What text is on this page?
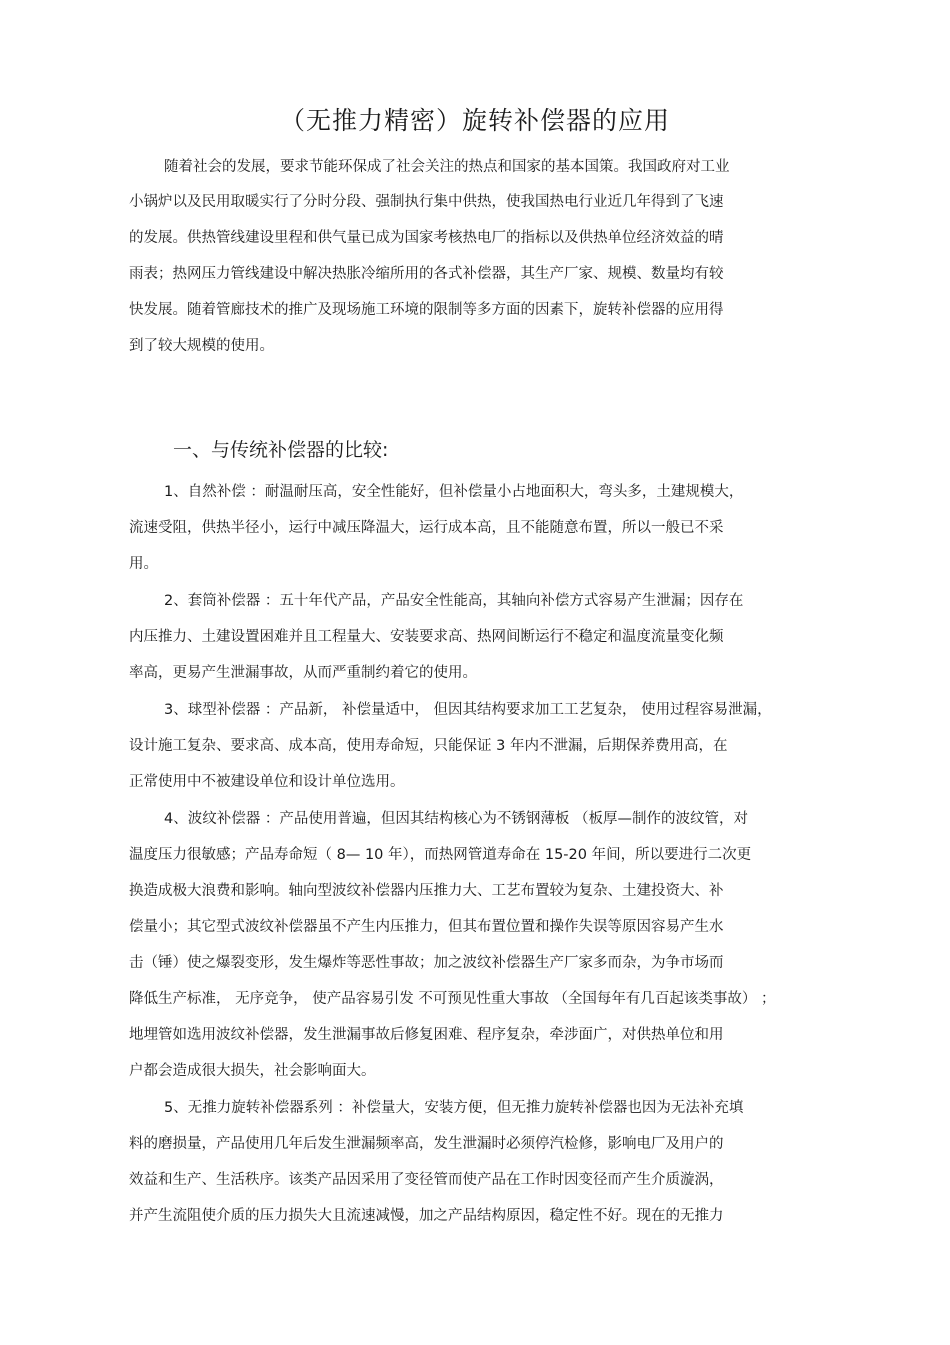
（无推力精密）旋转补偿器的应用
随着社会的发展，要求节能环保成了社会关注的热点和国家的基本国策。我国政府对工业
小锅炉以及民用取暖实行了分时分段、强制执行集中供热，使我国热电行业近几年得到了飞速
的发展。供热管线建设里程和供气量已成为国家考核热电厂的指标以及供热单位经济效益的晴
雨表；热网压力管线建设中解决热胀冷缩所用的各式补偿器，其生产厂家、规模、数量均有较
快发展。随着管廊技术的推广及现场施工环境的限制等多方面的因素下，旋转补偿器的应用得
到了较大规模的使用。
一、与传统补偿器的比较:
1、自然补偿 ：耐温耐压高，安全性能好，但补偿量小占地面积大，弯头多，土建规模大，
流速受阻，供热半径小，运行中减压降温大，运行成本高，且不能随意布置，所以一般已不采
用。
2、套筒补偿器 ：五十年代产品，产品安全性能高，其轴向补偿方式容易产生泄漏；因存在
内压推力、土建设置困难并且工程量大、安装要求高、热网间断运行不稳定和温度流量变化频
率高，更易产生泄漏事故，从而严重制约着它的使用。
3、球型补偿器 ：产品新， 补偿量适中， 但因其结构要求加工工艺复杂， 使用过程容易泄漏，
设计施工复杂、要求高、成本高，使用寿命短，只能保证 3 年内不泄漏，后期保养费用高，在
正常使用中不被建设单位和设计单位选用。
4、波纹补偿器 ：产品使用普遍，但因其结构核心为不锈钢薄板 （板厚—制作的波纹管，对
温度压力很敏感；产品寿命短（ 8— 10 年），而热网管道寿命在 15-20 年间，所以要进行二次更
换造成极大浪费和影响。轴向型波纹补偿器内压推力大、工艺布置较为复杂、土建投资大、补
偿量小；其它型式波纹补偿器虽不产生内压推力，但其布置位置和操作失误等原因容易产生水
击（锤）使之爆裂变形，发生爆炸等恶性事故；加之波纹补偿器生产厂家多而杂，为争市场而
降低生产标准， 无序竞争， 使产品容易引发 不可预见性重大事故 （全国每年有几百起该类事故） ；
地埋管如选用波纹补偿器，发生泄漏事故后修复困难、程序复杂，牵涉面广，对供热单位和用
户都会造成很大损失，社会影响面大。
5、无推力旋转补偿器系列 ：补偿量大，安装方便，但无推力旋转补偿器也因为无法补充填
料的磨损量，产品使用几年后发生泄漏频率高，发生泄漏时必须停汽检修，影响电厂及用户的
效益和生产、生活秩序。该类产品因采用了变径管而使产品在工作时因变径而产生介质漩涡，
并产生流阻使介质的压力损失大且流速减慢，加之产品结构原因，稳定性不好。现在的无推力
